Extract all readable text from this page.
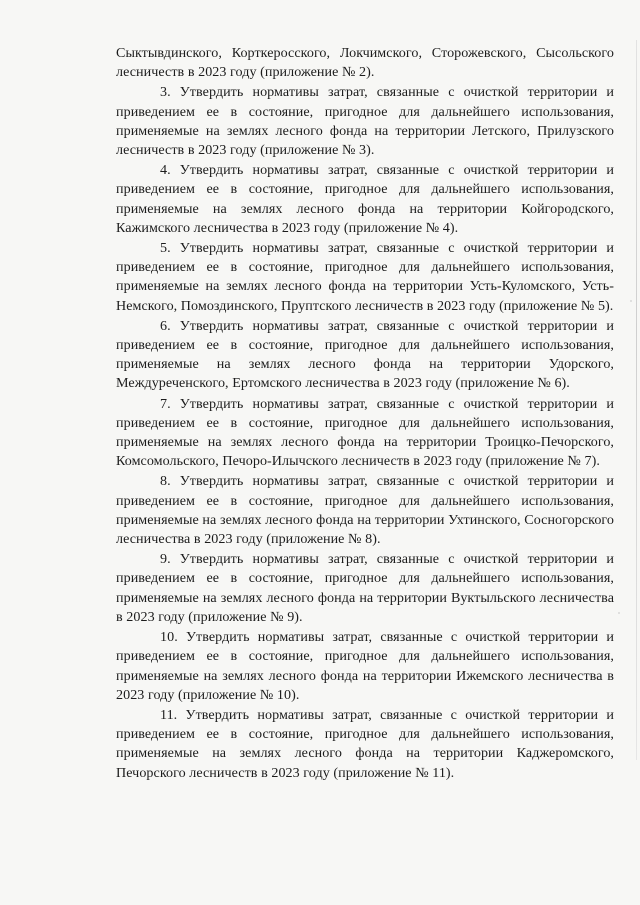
Сыктывдинского, Корткеросского, Локчимского, Сторожевского, Сысольского лесничеств в 2023 году (приложение № 2).

3. Утвердить нормативы затрат, связанные с очисткой территории и приведением ее в состояние, пригодное для дальнейшего использования, применяемые на землях лесного фонда на территории Летского, Прилузского лесничеств в 2023 году (приложение № 3).

4. Утвердить нормативы затрат, связанные с очисткой территории и приведением ее в состояние, пригодное для дальнейшего использования, применяемые на землях лесного фонда на территории Койгородского, Кажимского лесничества в 2023 году (приложение № 4).

5. Утвердить нормативы затрат, связанные с очисткой территории и приведением ее в состояние, пригодное для дальнейшего использования, применяемые на землях лесного фонда на территории Усть-Куломского, Усть-Немского, Помоздинского, Пруптского лесничеств в 2023 году (приложение № 5).

6. Утвердить нормативы затрат, связанные с очисткой территории и приведением ее в состояние, пригодное для дальнейшего использования, применяемые на землях лесного фонда на территории Удорского, Междуреченского, Ертомского лесничества в 2023 году (приложение № 6).

7. Утвердить нормативы затрат, связанные с очисткой территории и приведением ее в состояние, пригодное для дальнейшего использования, применяемые на землях лесного фонда на территории Троицко-Печорского, Комсомольского, Печоро-Илычского лесничеств в 2023 году (приложение № 7).

8. Утвердить нормативы затрат, связанные с очисткой территории и приведением ее в состояние, пригодное для дальнейшего использования, применяемые на землях лесного фонда на территории Ухтинского, Сосногорского лесничества в 2023 году (приложение № 8).

9. Утвердить нормативы затрат, связанные с очисткой территории и приведением ее в состояние, пригодное для дальнейшего использования, применяемые на землях лесного фонда на территории Вуктыльского лесничества в 2023 году (приложение № 9).

10. Утвердить нормативы затрат, связанные с очисткой территории и приведением ее в состояние, пригодное для дальнейшего использования, применяемые на землях лесного фонда на территории Ижемского лесничества в 2023 году (приложение № 10).

11. Утвердить нормативы затрат, связанные с очисткой территории и приведением ее в состояние, пригодное для дальнейшего использования, применяемые на землях лесного фонда на территории Каджеромского, Печорского лесничеств в 2023 году (приложение № 11).
